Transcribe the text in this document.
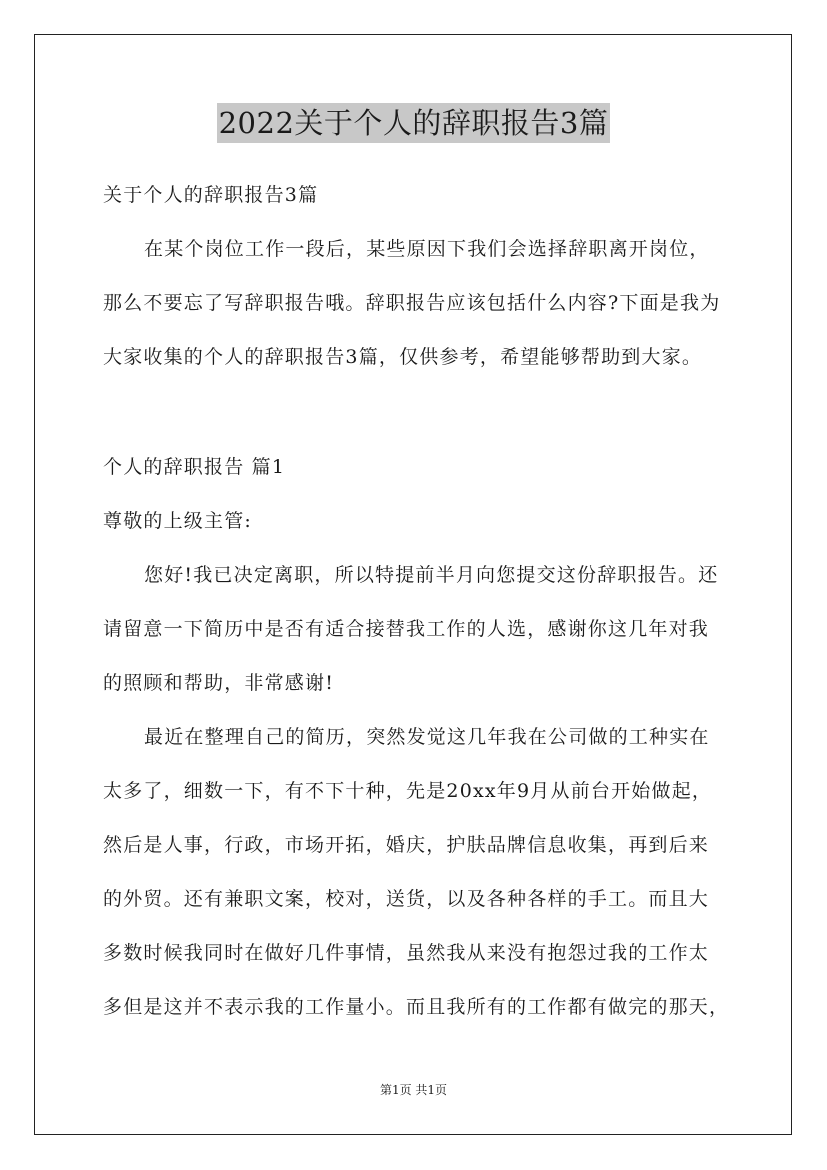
2022关于个人的辞职报告3篇
关于个人的辞职报告3篇
在某个岗位工作一段后，某些原因下我们会选择辞职离开岗位，
那么不要忘了写辞职报告哦。辞职报告应该包括什么内容?下面是我为
大家收集的个人的辞职报告3篇，仅供参考，希望能够帮助到大家。
个人的辞职报告 篇1
尊敬的上级主管:
您好!我已决定离职，所以特提前半月向您提交这份辞职报告。还
请留意一下简历中是否有适合接替我工作的人选，感谢你这几年对我
的照顾和帮助，非常感谢!
最近在整理自己的简历，突然发觉这几年我在公司做的工种实在
太多了，细数一下，有不下十种，先是20xx年9月从前台开始做起，
然后是人事，行政，市场开拓，婚庆，护肤品牌信息收集，再到后来
的外贸。还有兼职文案，校对，送货，以及各种各样的手工。而且大
多数时候我同时在做好几件事情，虽然我从来没有抱怨过我的工作太
多但是这并不表示我的工作量小。而且我所有的工作都有做完的那天，
第1页 共1页
